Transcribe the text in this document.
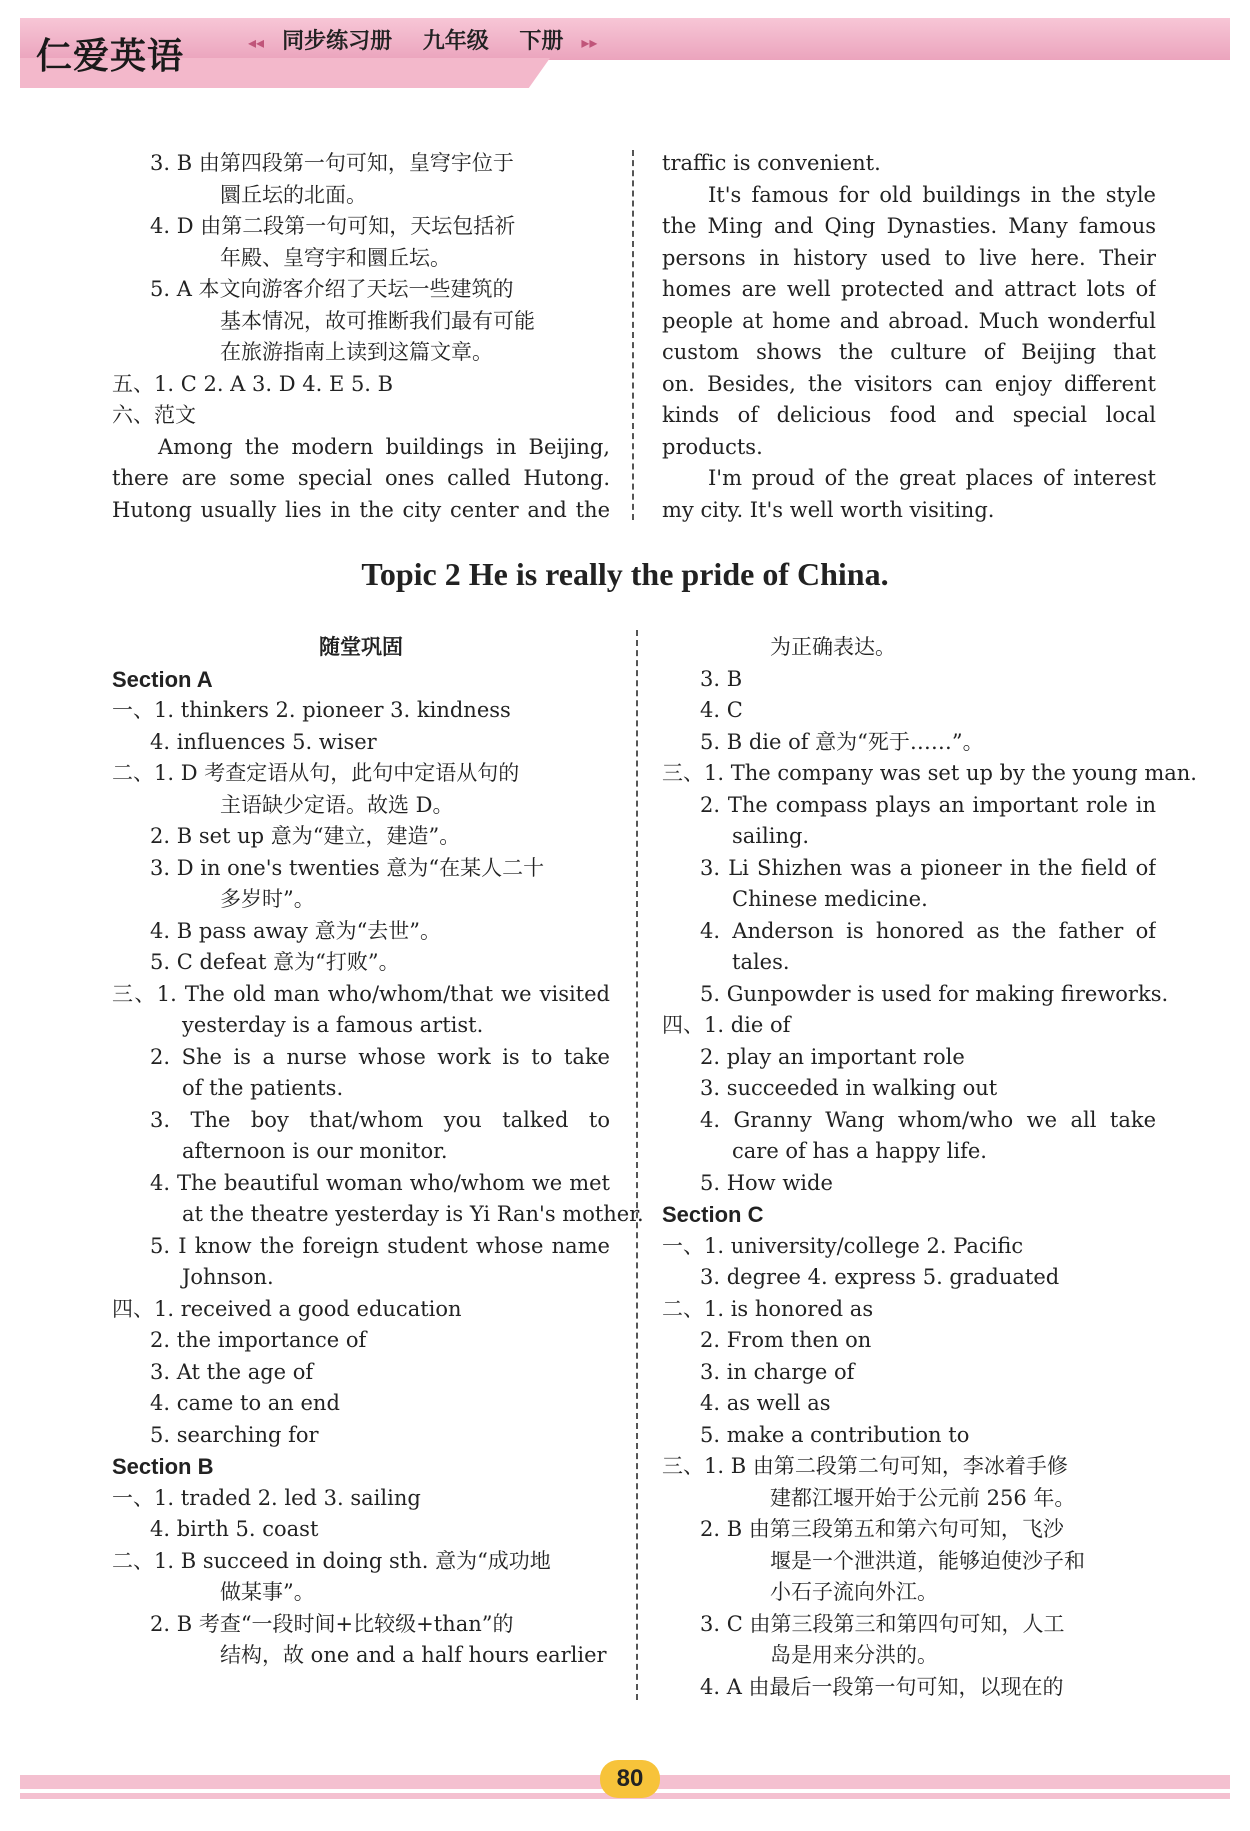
仁爱英语	◂◂ 同步练习册    九年级    下册 ▸▸
3. B 由第四段第一句可知，皇穹宇位于
圜丘坛的北面。
4. D 由第二段第一句可知，天坛包括祈
年殿、皇穹宇和圜丘坛。
5. A 本文向游客介绍了天坛一些建筑的
基本情况，故可推断我们最有可能
在旅游指南上读到这篇文章。
五、1. C 2. A 3. D 4. E 5. B
六、范文
Among the modern buildings in Beijing,
there are some special ones called Hutong.
Hutong usually lies in the city center and the
traffic is convenient.
It's famous for old buildings in the style
the Ming and Qing Dynasties. Many famous
persons in history used to live here. Their
homes are well protected and attract lots of
people at home and abroad. Much wonderful
custom shows the culture of Beijing that
on. Besides, the visitors can enjoy different
kinds of delicious food and special local
products.
I'm proud of the great places of interest
my city. It's well worth visiting.
Topic 2 He is really the pride of China.
随堂巩固
Section A
一、1. thinkers 2. pioneer 3. kindness
4. influences 5. wiser
二、1. D 考查定语从句，此句中定语从句的
主语缺少定语。故选 D。
2. B set up 意为“建立，建造”。
3. D in one's twenties 意为“在某人二十
多岁时”。
4. B pass away 意为“去世”。
5. C defeat 意为“打败”。
三、1. The old man who/whom/that we visited
yesterday is a famous artist.
2. She is a nurse whose work is to take
of the patients.
3. The boy that/whom you talked to
afternoon is our monitor.
4. The beautiful woman who/whom we met
at the theatre yesterday is Yi Ran's mother.
5. I know the foreign student whose name
Johnson.
四、1. received a good education
2. the importance of
3. At the age of
4. came to an end
5. searching for
Section B
一、1. traded 2. led 3. sailing
4. birth 5. coast
二、1. B succeed in doing sth. 意为“成功地
做某事”。
2. B 考查“一段时间+比较级+than”的
结构，故 one and a half hours earlier
为正确表达。
3. B
4. C
5. B die of 意为“死于……”。
三、1. The company was set up by the young man.
2. The compass plays an important role in
sailing.
3. Li Shizhen was a pioneer in the field of
Chinese medicine.
4. Anderson is honored as the father of
tales.
5. Gunpowder is used for making fireworks.
四、1. die of
2. play an important role
3. succeeded in walking out
4. Granny Wang whom/who we all take
care of has a happy life.
5. How wide
Section C
一、1. university/college 2. Pacific
3. degree 4. express 5. graduated
二、1. is honored as
2. From then on
3. in charge of
4. as well as
5. make a contribution to
三、1. B 由第二段第二句可知，李冰着手修
建都江堰开始于公元前 256 年。
2. B 由第三段第五和第六句可知，飞沙
堰是一个泄洪道，能够迫使沙子和
小石子流向外江。
3. C 由第三段第三和第四句可知，人工
岛是用来分洪的。
4. A 由最后一段第一句可知，以现在的
80
